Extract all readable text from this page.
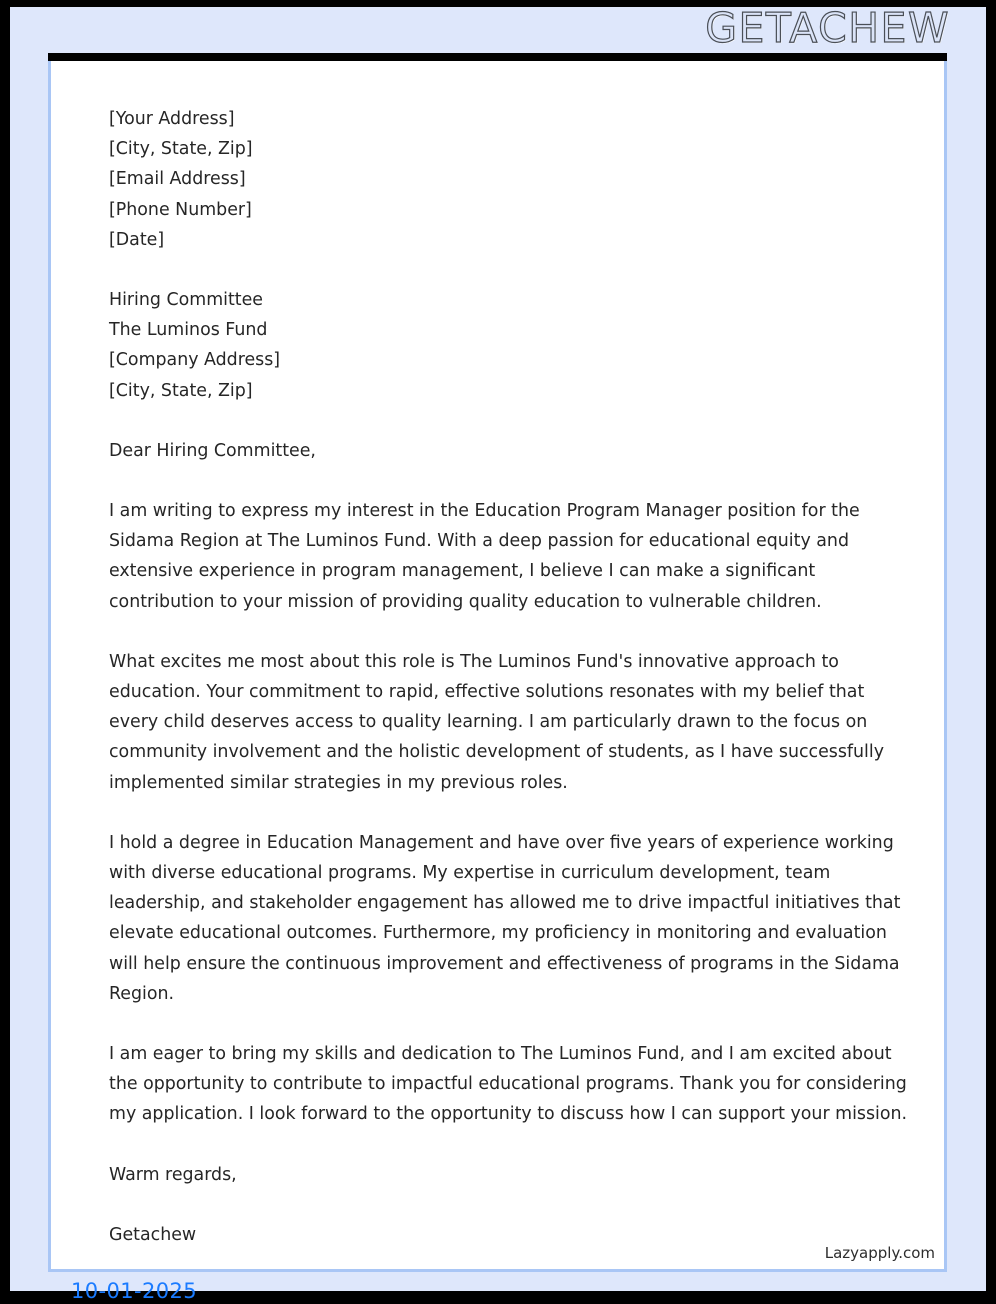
GETACHEW
[Your Address]
[City, State, Zip]
[Email Address]
[Phone Number]
[Date]
Hiring Committee
The Luminos Fund
[Company Address]
[City, State, Zip]

Dear Hiring Committee,

I am writing to express my interest in the Education Program Manager position for the Sidama Region at The Luminos Fund. With a deep passion for educational equity and extensive experience in program management, I believe I can make a significant contribution to your mission of providing quality education to vulnerable children.

What excites me most about this role is The Luminos Fund's innovative approach to education. Your commitment to rapid, effective solutions resonates with my belief that every child deserves access to quality learning. I am particularly drawn to the focus on community involvement and the holistic development of students, as I have successfully implemented similar strategies in my previous roles.

I hold a degree in Education Management and have over five years of experience working with diverse educational programs. My expertise in curriculum development, team leadership, and stakeholder engagement has allowed me to drive impactful initiatives that elevate educational outcomes. Furthermore, my proficiency in monitoring and evaluation will help ensure the continuous improvement and effectiveness of programs in the Sidama Region.

I am eager to bring my skills and dedication to The Luminos Fund, and I am excited about the opportunity to contribute to impactful educational programs. Thank you for considering my application. I look forward to the opportunity to discuss how I can support your mission.

Warm regards,

Getachew

Lazyapply.com
10-01-2025
